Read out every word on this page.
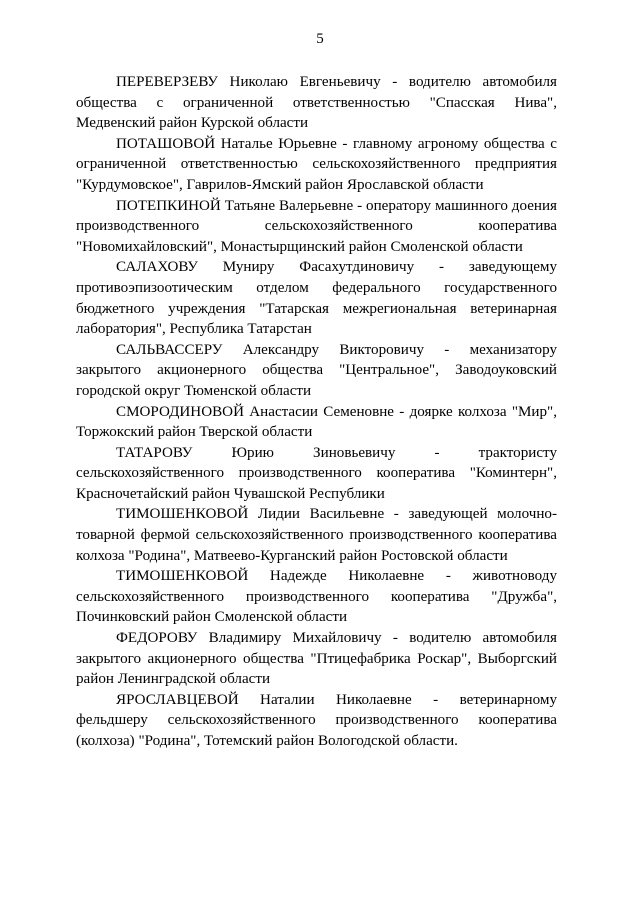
5

ПЕРЕВЕРЗЕВУ Николаю Евгеньевичу - водителю автомобиля общества с ограниченной ответственностью "Спасская Нива", Медвенский район Курской области

ПОТАШОВОЙ Наталье Юрьевне - главному агроному общества с ограниченной ответственностью сельскохозяйственного предприятия "Курдумовское", Гаврилов-Ямский район Ярославской области

ПОТЕПКИНОЙ Татьяне Валерьевне - оператору машинного доения производственного сельскохозяйственного кооператива "Новомихайловский", Монастырщинский район Смоленской области

САЛАХОВУ Муниру Фасахутдиновичу - заведующему противоэпизоотическим отделом федерального государственного бюджетного учреждения "Татарская межрегиональная ветеринарная лаборатория", Республика Татарстан

САЛЬВАССЕРУ Александру Викторовичу - механизатору закрытого акционерного общества "Центральное", Заводоуковский городской округ Тюменской области

СМОРОДИНОВОЙ Анастасии Семеновне - доярке колхоза "Мир", Торжокский район Тверской области

ТАТАРОВУ Юрию Зиновьевичу - трактористу сельскохозяйственного производственного кооператива "Коминтерн", Красночетайский район Чувашской Республики

ТИМОШЕНКОВОЙ Лидии Васильевне - заведующей молочно-товарной фермой сельскохозяйственного производственного кооператива колхоза "Родина", Матвеево-Курганский район Ростовской области

ТИМОШЕНКОВОЙ Надежде Николаевне - животноводу сельскохозяйственного производственного кооператива "Дружба", Починковский район Смоленской области

ФЕДОРОВУ Владимиру Михайловичу - водителю автомобиля закрытого акционерного общества "Птицефабрика Роскар", Выборгский район Ленинградской области

ЯРОСЛАВЦЕВОЙ Наталии Николаевне - ветеринарному фельдшеру сельскохозяйственного производственного кооператива (колхоза) "Родина", Тотемский район Вологодской области.
